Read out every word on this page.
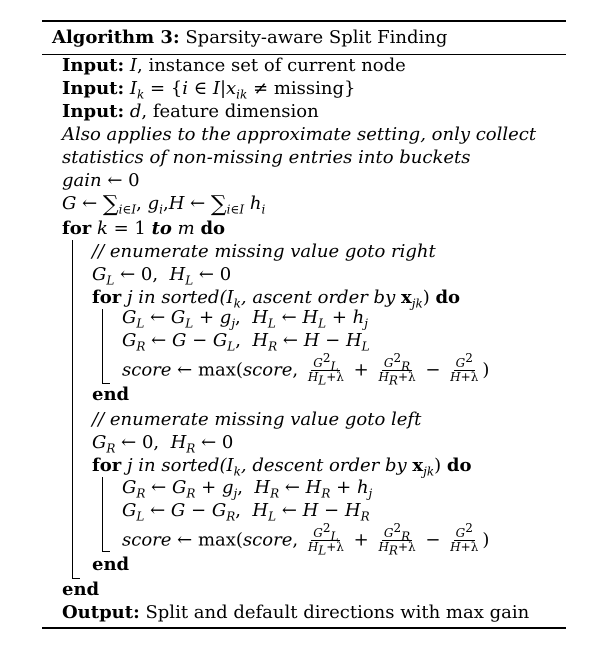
Algorithm 3: Sparsity-aware Split Finding
Input: I, instance set of current node
Input: $I_k = \{i$ ∈ $I|x_{ik} \ne missing$}
Input: d, feature dimension
Also applies to the approximate setting, only collect
statistics of non-missing entries into buckets
gain ← 0
G ← $\sum_{i\in I}$, $g_i,H$ ← $\sum_{i\in I}$ $h_i$
for k = 1 to m do
// enumerate missing value goto right
$G_L$ ← 0,  $H_L$ ← 0
for j in $sorted(I_k$, ascent order by $x_{jk}$) do
$G_L$ ← $G_L + g_j$,  $H_L$ ← $H_L + h_j$
$G_R$ ← $G - G_L$,  $H_R$ ← $H - H_L$
score ← max(score, $\frac{G^2_L}{H_L+\lambda} + \frac{G^2_R}{H_R+\lambda} - \frac{G^2}{H+\lambda}$ )
end
// enumerate missing value goto left
$G_R$ ← 0,  $H_R$ ← 0
for j in $sorted(I_k$, descent order by $x_{jk}$) do
$G_R$ ← $G_R + g_j$,  $H_R$ ← $H_R + h_j$
$G_L$ ← $G - G_R$,  $H_L$ ← $H - H_R$
score ← max(score, $\frac{G^2_L}{H_L+\lambda} + \frac{G^2_R}{H_R+\lambda} - \frac{G^2}{H+\lambda}$ )
end
end
Output: Split and default directions with max gain
